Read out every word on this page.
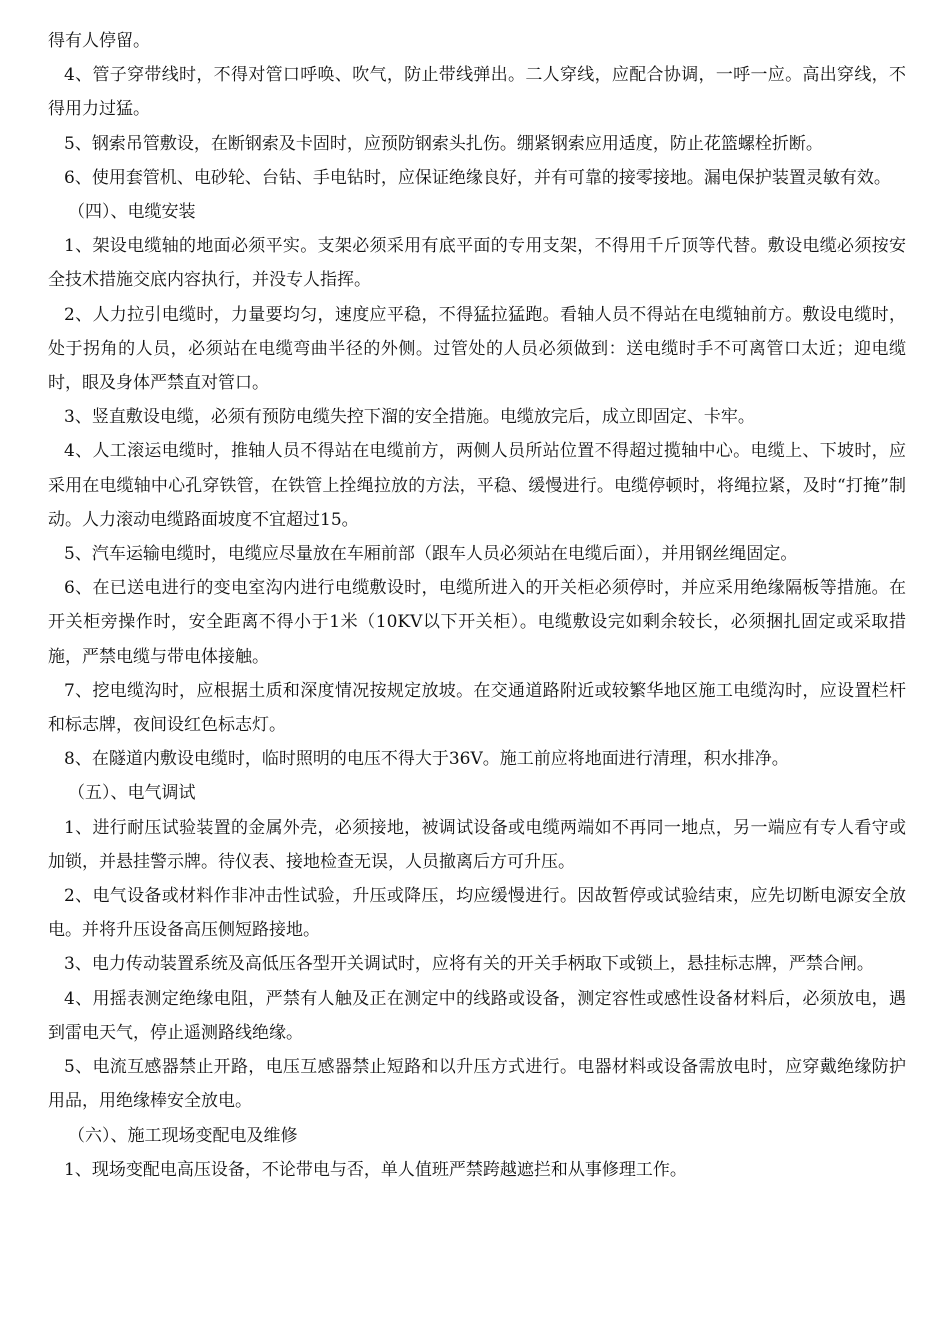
得有人停留。

4、管子穿带线时，不得对管口呼唤、吹气，防止带线弹出。二人穿线，应配合协调，一呼一应。高出穿线，不得用力过猛。

5、钢索吊管敷设，在断钢索及卡固时，应预防钢索头扎伤。绷紧钢索应用适度，防止花篮螺栓折断。

6、使用套管机、电砂轮、台钻、手电钻时，应保证绝缘良好，并有可靠的接零接地。漏电保护装置灵敏有效。

（四）、电缆安装

1、架设电缆轴的地面必须平实。支架必须采用有底平面的专用支架，不得用千斤顶等代替。敷设电缆必须按安全技术措施交底内容执行，并没专人指挥。

2、人力拉引电缆时，力量要均匀，速度应平稳，不得猛拉猛跑。看轴人员不得站在电缆轴前方。敷设电缆时，处于拐角的人员，必须站在电缆弯曲半径的外侧。过管处的人员必须做到：送电缆时手不可离管口太近；迎电缆时，眼及身体严禁直对管口。

3、竖直敷设电缆，必须有预防电缆失控下溜的安全措施。电缆放完后，成立即固定、卡牢。

4、人工滚运电缆时，推轴人员不得站在电缆前方，两侧人员所站位置不得超过揽轴中心。电缆上、下坡时，应采用在电缆轴中心孔穿铁管，在铁管上拴绳拉放的方法，平稳、缓慢进行。电缆停顿时，将绳拉紧，及时“打掩”制动。人力滚动电缆路面坡度不宜超过15。

5、汽车运输电缆时，电缆应尽量放在车厢前部（跟车人员必须站在电缆后面），并用钢丝绳固定。

6、在已送电进行的变电室沟内进行电缆敷设时，电缆所进入的开关柜必须停时，并应采用绝缘隔板等措施。在开关柜旁操作时，安全距离不得小于1米（10KV以下开关柜）。电缆敷设完如剩余较长，必须捆扎固定或采取措施，严禁电缆与带电体接触。

7、挖电缆沟时，应根据土质和深度情况按规定放坡。在交通道路附近或较繁华地区施工电缆沟时，应设置栏杆和标志牌，夜间设红色标志灯。

8、在隧道内敷设电缆时，临时照明的电压不得大于36V。施工前应将地面进行清理，积水排净。

（五）、电气调试

1、进行耐压试验装置的金属外壳，必须接地，被调试设备或电缆两端如不再同一地点，另一端应有专人看守或加锁，并悬挂警示牌。待仪表、接地检查无误，人员撤离后方可升压。

2、电气设备或材料作非冲击性试验，升压或降压，均应缓慢进行。因故暂停或试验结束，应先切断电源安全放电。并将升压设备高压侧短路接地。

3、电力传动装置系统及高低压各型开关调试时，应将有关的开关手柄取下或锁上，悬挂标志牌，严禁合闸。

4、用摇表测定绝缘电阻，严禁有人触及正在测定中的线路或设备，测定容性或感性设备材料后，必须放电，遇到雷电天气，停止遥测路线绝缘。

5、电流互感器禁止开路，电压互感器禁止短路和以升压方式进行。电器材料或设备需放电时，应穿戴绝缘防护用品，用绝缘棒安全放电。

（六）、施工现场变配电及维修

1、现场变配电高压设备，不论带电与否，单人值班严禁跨越遮拦和从事修理工作。
